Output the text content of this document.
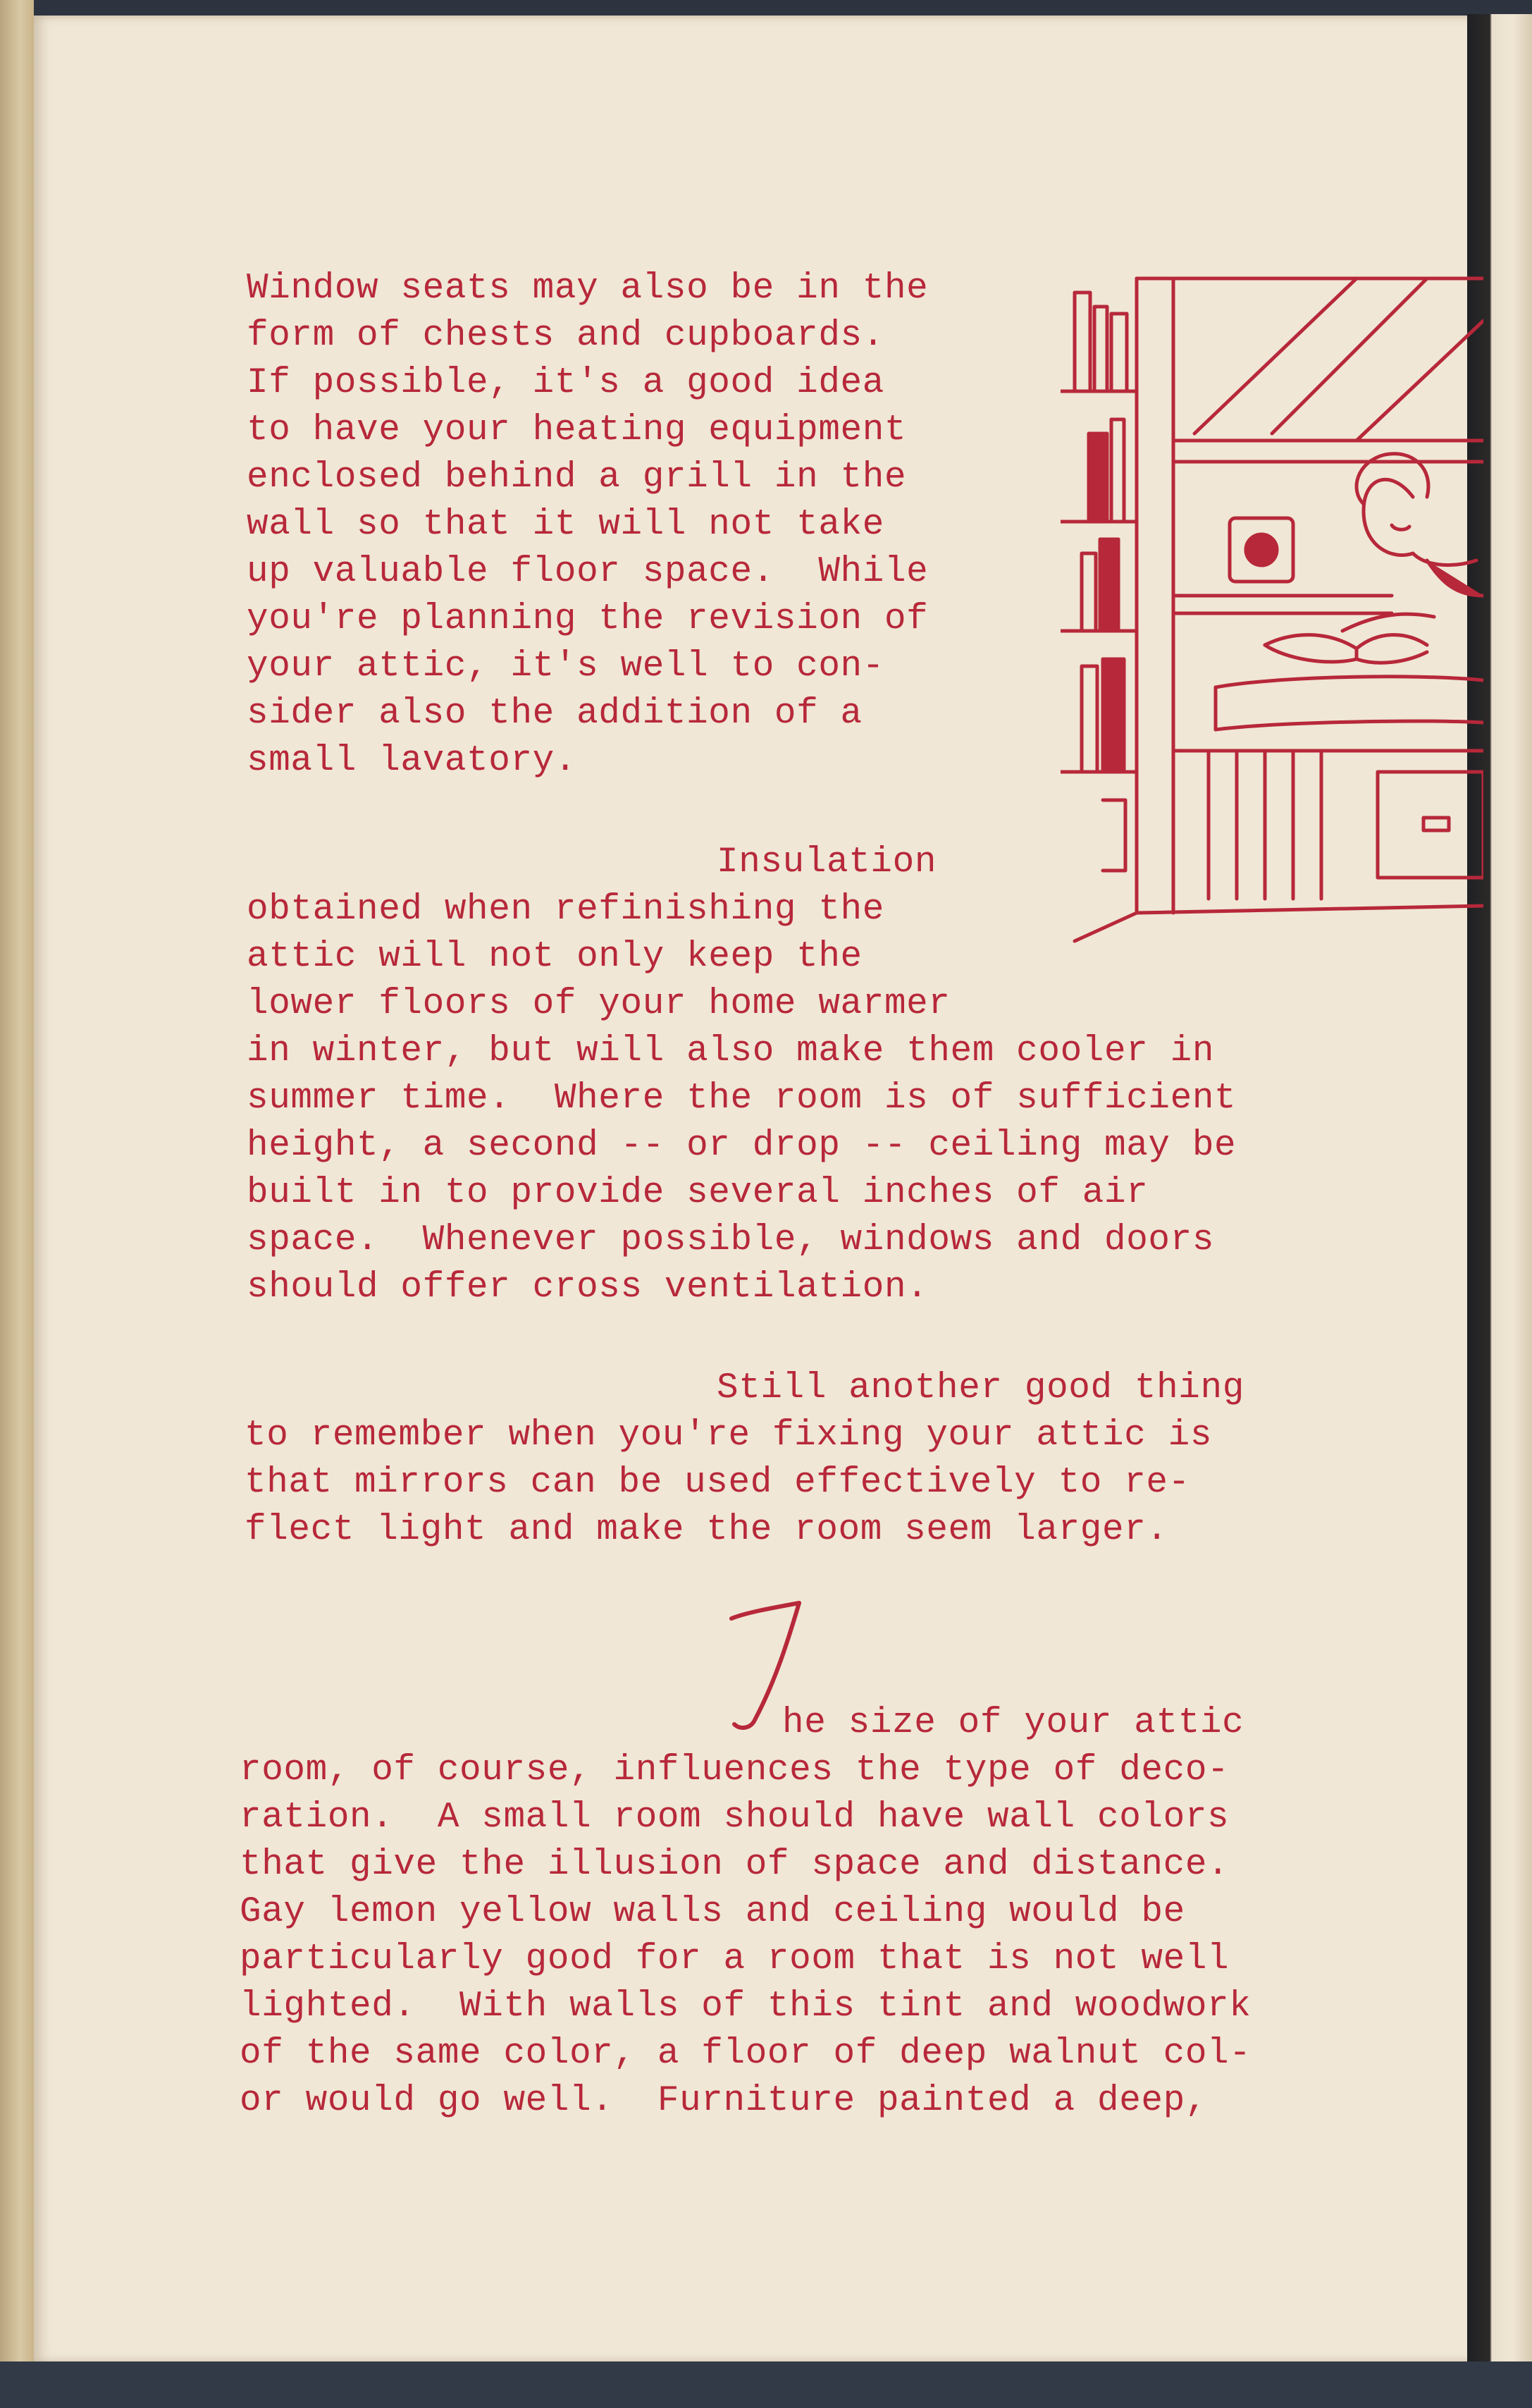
Window seats may also be in the

form of chests and cupboards.

If possible, it's a good idea

to have your heating equipment

enclosed behind a grill in the

wall so that it will not take

up valuable floor space.  While

you're planning the revision of

your attic, it's well to con-

sider also the addition of a

small lavatory.

Insulation

obtained when refinishing the

attic will not only keep the

lower floors of your home warmer

in winter, but will also make them cooler in

summer time.  Where the room is of sufficient

height, a second -- or drop -- ceiling may be

built in to provide several inches of air

space.  Whenever possible, windows and doors

should offer cross ventilation.

Still another good thing

to remember when you're fixing your attic is

that mirrors can be used effectively to re-

flect light and make the room seem larger.

T

he size of your attic

room, of course, influences the type of deco-

ration.  A small room should have wall colors

that give the illusion of space and distance.

Gay lemon yellow walls and ceiling would be

particularly good for a room that is not well

lighted.  With walls of this tint and woodwork

of the same color, a floor of deep walnut col-

or would go well.  Furniture painted a deep,
